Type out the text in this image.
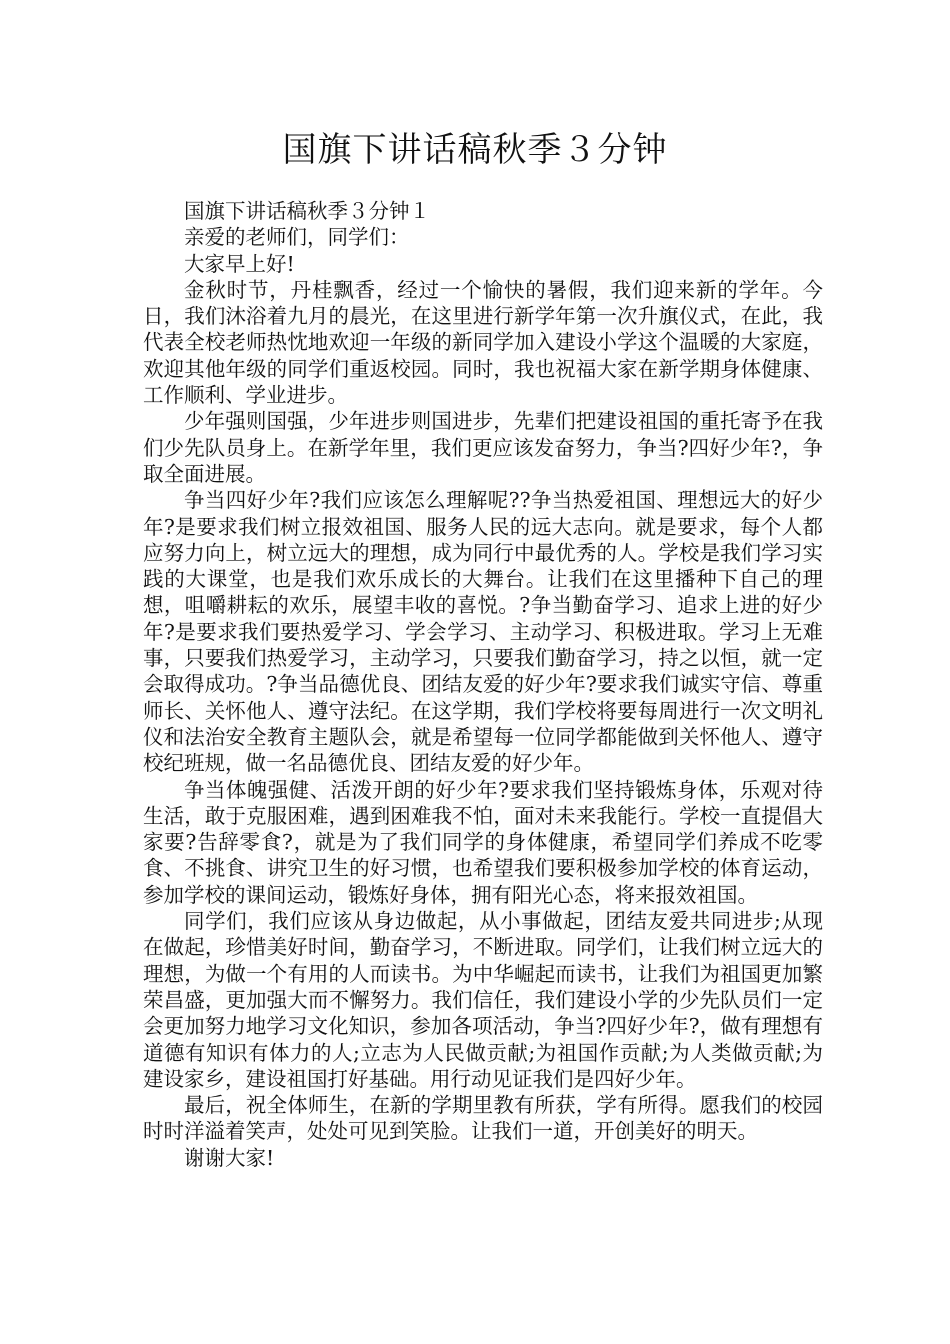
国旗下讲话稿秋季３分钟

国旗下讲话稿秋季３分钟１

亲爱的老师们，同学们：

大家早上好!

金秋时节，丹桂飘香，经过一个愉快的暑假，我们迎来新的学年。今日，我们沐浴着九月的晨光，在这里进行新学年第一次升旗仪式，在此，我代表全校老师热忱地欢迎一年级的新同学加入建设小学这个温暖的大家庭，欢迎其他年级的同学们重返校园。同时，我也祝福大家在新学期身体健康、工作顺利、学业进步。

少年强则国强，少年进步则国进步，先辈们把建设祖国的重托寄予在我们少先队员身上。在新学年里，我们更应该发奋努力，争当?四好少年?，争取全面进展。

争当四好少年?我们应该怎么理解呢??争当热爱祖国、理想远大的好少年?是要求我们树立报效祖国、服务人民的远大志向。就是要求，每个人都应努力向上，树立远大的理想，成为同行中最优秀的人。学校是我们学习实践的大课堂，也是我们欢乐成长的大舞台。让我们在这里播种下自己的理想，咀嚼耕耘的欢乐，展望丰收的喜悦。?争当勤奋学习、追求上进的好少年?是要求我们要热爱学习、学会学习、主动学习、积极进取。学习上无难事，只要我们热爱学习，主动学习，只要我们勤奋学习，持之以恒，就一定会取得成功。?争当品德优良、团结友爱的好少年?要求我们诚实守信、尊重师长、关怀他人、遵守法纪。在这学期，我们学校将要每周进行一次文明礼仪和法治安全教育主题队会，就是希望每一位同学都能做到关怀他人、遵守校纪班规，做一名品德优良、团结友爱的好少年。

争当体魄强健、活泼开朗的好少年?要求我们坚持锻炼身体，乐观对待生活，敢于克服困难，遇到困难我不怕，面对未来我能行。学校一直提倡大家要?告辞零食?，就是为了我们同学的身体健康，希望同学们养成不吃零食、不挑食、讲究卫生的好习惯，也希望我们要积极参加学校的体育运动，参加学校的课间运动，锻炼好身体，拥有阳光心态，将来报效祖国。

同学们，我们应该从身边做起，从小事做起，团结友爱共同进步;从现在做起，珍惜美好时间，勤奋学习，不断进取。同学们，让我们树立远大的理想，为做一个有用的人而读书。为中华崛起而读书，让我们为祖国更加繁荣昌盛，更加强大而不懈努力。我们信任，我们建设小学的少先队员们一定会更加努力地学习文化知识，参加各项活动，争当?四好少年?，做有理想有道德有知识有体力的人;立志为人民做贡献;为祖国作贡献;为人类做贡献;为建设家乡，建设祖国打好基础。用行动见证我们是四好少年。

最后，祝全体师生，在新的学期里教有所获，学有所得。愿我们的校园时时洋溢着笑声，处处可见到笑脸。让我们一道，开创美好的明天。

谢谢大家!
